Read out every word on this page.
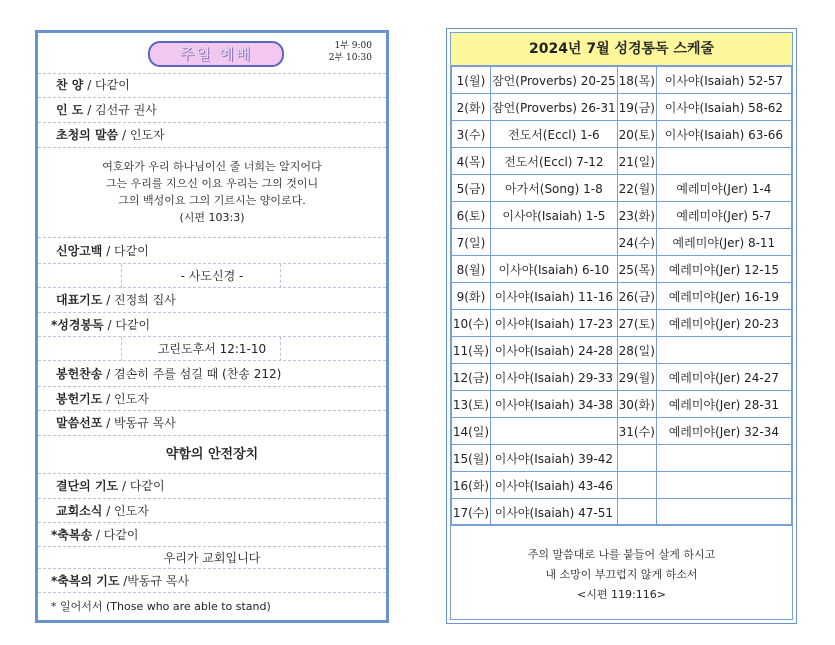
주일 예배	1부 9:00
2부 10:30
찬 양 / 다같이
인 도 / 김선규 권사
초청의 말씀 / 인도자
여호와가 우리 하나님이신 줄 너희는 알지어다
그는 우리를 지으신 이요 우리는 그의 것이니
그의 백성이요 그의 기르시는 양이로다.
(시편 103:3)
신앙고백 / 다같이
- 사도신경 -
대표기도 / 진정희 집사
*성경봉독 / 다같이
고린도후서 12:1-10
봉헌찬송 / 겸손히 주를 섬길 때 (찬송 212)
봉헌기도 / 인도자
말씀선포 / 박동규 목사
약함의 안전장치
결단의 기도 / 다같이
교회소식 / 인도자
*축복송 / 다같이
우리가 교회입니다
*축복의 기도 /박동규 목사
* 일어서서 (Those who are able to stand)
2024년 7월 성경통독 스케줄
1(월)	잠언(Proverbs) 20-25	18(목)	이사야(Isaiah) 52-57
2(화)	잠언(Proverbs) 26-31	19(금)	이사야(Isaiah) 58-62
3(수)	전도서(Eccl) 1-6	20(토)	이사야(Isaiah) 63-66
4(목)	전도서(Eccl) 7-12	21(일)	
5(금)	아가서(Song) 1-8	22(월)	예레미야(Jer) 1-4
6(토)	이사야(Isaiah) 1-5	23(화)	예레미야(Jer) 5-7
7(일)		24(수)	예레미야(Jer) 8-11
8(월)	이사야(Isaiah) 6-10	25(목)	예레미야(Jer) 12-15
9(화)	이사야(Isaiah) 11-16	26(금)	예레미야(Jer) 16-19
10(수)	이사야(Isaiah) 17-23	27(토)	예레미야(Jer) 20-23
11(목)	이사야(Isaiah) 24-28	28(일)	
12(금)	이사야(Isaiah) 29-33	29(월)	예레미야(Jer) 24-27
13(토)	이사야(Isaiah) 34-38	30(화)	예레미야(Jer) 28-31
14(일)		31(수)	예레미야(Jer) 32-34
15(월)	이사야(Isaiah) 39-42		
16(화)	이사야(Isaiah) 43-46		
17(수)	이사야(Isaiah) 47-51		
주의 말씀대로 나를 붙들어 살게 하시고
내 소망이 부끄럽지 않게 하소서
<시편 119:116>
